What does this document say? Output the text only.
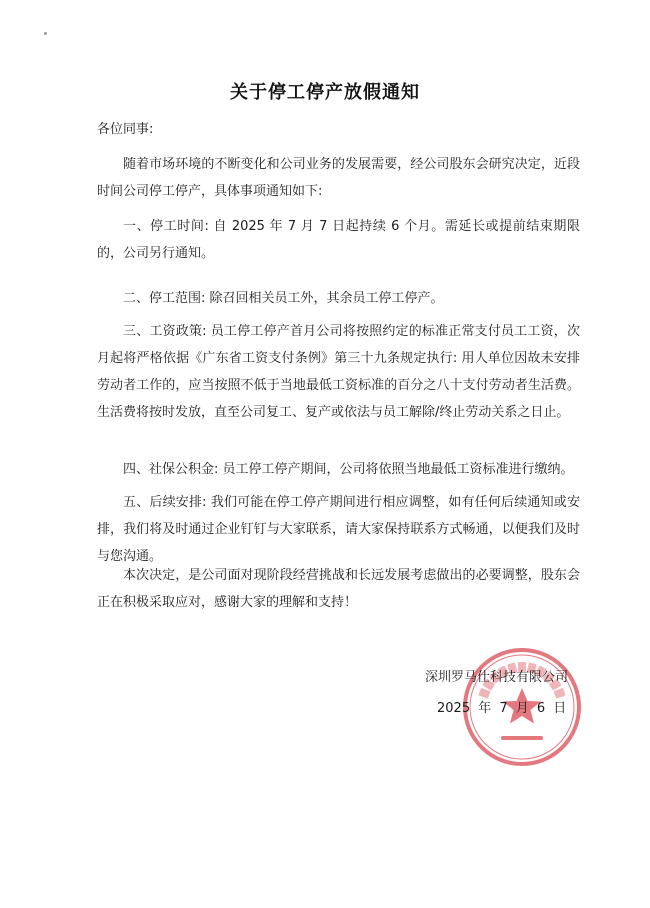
关于停工停产放假通知
各位同事:

随着市场环境的不断变化和公司业务的发展需要，经公司股东会研究决定，近段时间公司停工停产，具体事项通知如下:

一、停工时间: 自 2025 年 7 月 7 日起持续 6 个月。需延长或提前结束期限的，公司另行通知。

二、停工范围: 除召回相关员工外，其余员工停工停产。

三、工资政策: 员工停工停产首月公司将按照约定的标准正常支付员工工资，次月起将严格依据《广东省工资支付条例》第三十九条规定执行: 用人单位因故未安排劳动者工作的，应当按照不低于当地最低工资标准的百分之八十支付劳动者生活费。生活费将按时发放，直至公司复工、复产或依法与员工解除/终止劳动关系之日止。

四、社保公积金: 员工停工停产期间，公司将依照当地最低工资标准进行缴纳。

五、后续安排: 我们可能在停工停产期间进行相应调整，如有任何后续通知或安排，我们将及时通过企业钉钉与大家联系，请大家保持联系方式畅通，以便我们及时与您沟通。

本次决定，是公司面对现阶段经营挑战和长远发展考虑做出的必要调整，股东会正在积极采取应对，感谢大家的理解和支持！

深圳罗马仕科技有限公司
2025 年 7 月 6 日
